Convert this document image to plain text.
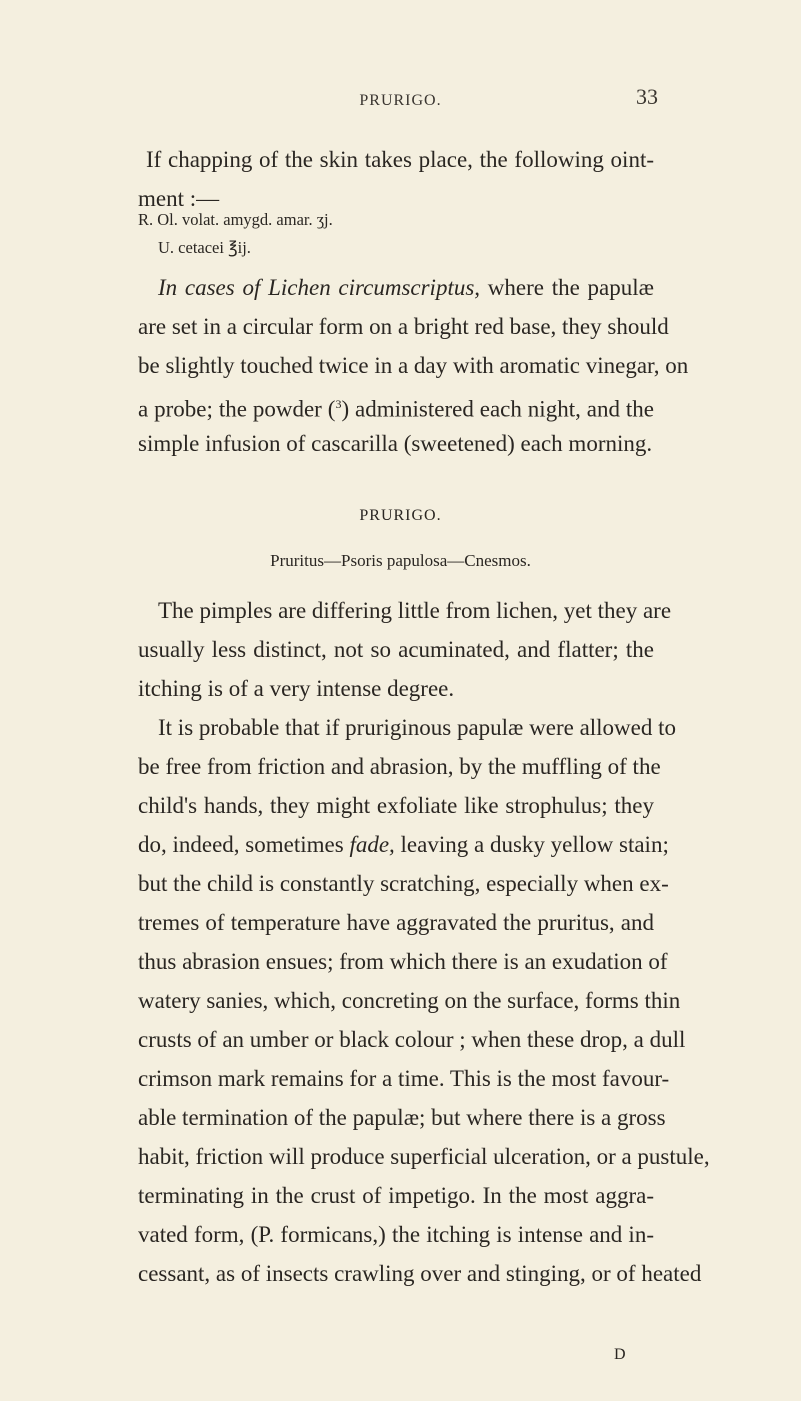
PRURIGO.	33
If chapping of the skin takes place, the following oint-
ment :—
R. Ol. volat. amygd. amar. ʒj.
U. cetacei ℥ij.
In cases of Lichen circumscriptus, where the papulæ
are set in a circular form on a bright red base, they should
be slightly touched twice in a day with aromatic vinegar, on
a probe; the powder ($^3$) administered each night, and the
simple infusion of cascarilla (sweetened) each morning.
PRURIGO.
Pruritus—Psoris papulosa—Cnesmos.
The pimples are differing little from lichen, yet they are
usually less distinct, not so acuminated, and flatter; the
itching is of a very intense degree.
It is probable that if pruriginous papulæ were allowed to
be free from friction and abrasion, by the muffling of the
child's hands, they might exfoliate like strophulus; they
do, indeed, sometimes fade, leaving a dusky yellow stain;
but the child is constantly scratching, especially when ex-
tremes of temperature have aggravated the pruritus, and
thus abrasion ensues; from which there is an exudation of
watery sanies, which, concreting on the surface, forms thin
crusts of an umber or black colour ; when these drop, a dull
crimson mark remains for a time. This is the most favour-
able termination of the papulæ; but where there is a gross
habit, friction will produce superficial ulceration, or a pustule,
terminating in the crust of impetigo. In the most aggra-
vated form, (P. formicans,) the itching is intense and in-
cessant, as of insects crawling over and stinging, or of heated
D
